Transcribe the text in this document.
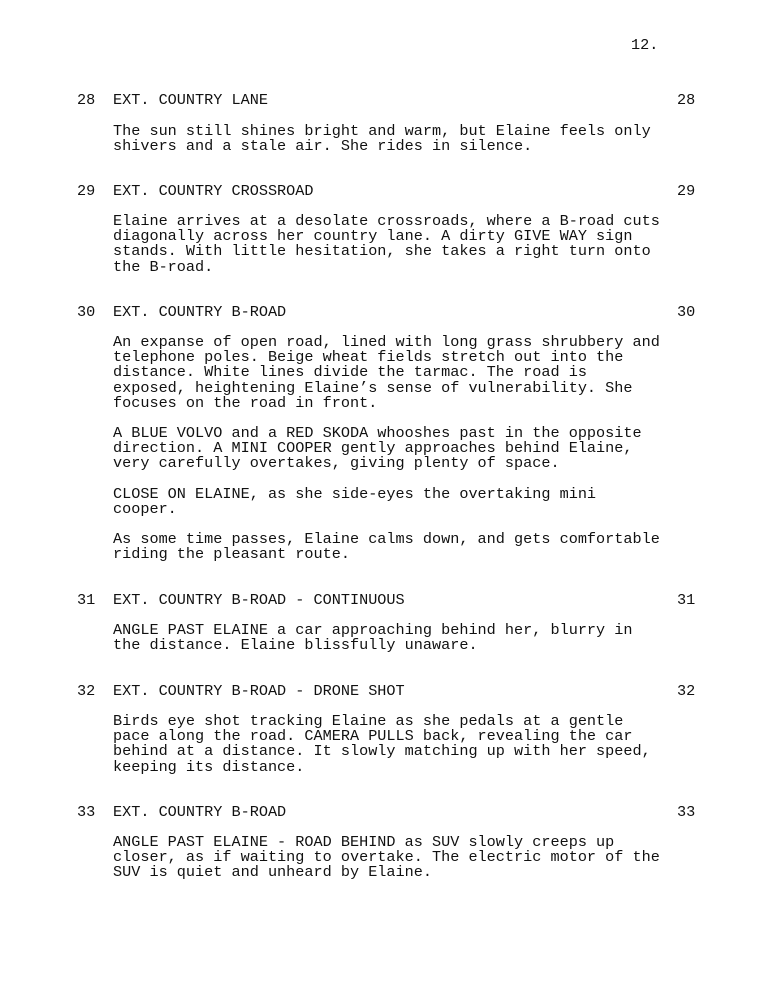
12.
28 EXT. COUNTRY LANE	28

The sun still shines bright and warm, but Elaine feels only
shivers and a stale air. She rides in silence.

29 EXT. COUNTRY CROSSROAD	29

Elaine arrives at a desolate crossroads, where a B-road cuts
diagonally across her country lane. A dirty GIVE WAY sign
stands. With little hesitation, she takes a right turn onto
the B-road.

30 EXT. COUNTRY B-ROAD	30

An expanse of open road, lined with long grass shrubbery and
telephone poles. Beige wheat fields stretch out into the
distance. White lines divide the tarmac. The road is
exposed, heightening Elaine’s sense of vulnerability. She
focuses on the road in front.

A BLUE VOLVO and a RED SKODA whooshes past in the opposite
direction. A MINI COOPER gently approaches behind Elaine,
very carefully overtakes, giving plenty of space.

CLOSE ON ELAINE, as she side-eyes the overtaking mini
cooper.

As some time passes, Elaine calms down, and gets comfortable
riding the pleasant route.

31 EXT. COUNTRY B-ROAD - CONTINUOUS	31

ANGLE PAST ELAINE a car approaching behind her, blurry in
the distance. Elaine blissfully unaware.

32 EXT. COUNTRY B-ROAD - DRONE SHOT	32

Birds eye shot tracking Elaine as she pedals at a gentle
pace along the road. CAMERA PULLS back, revealing the car
behind at a distance. It slowly matching up with her speed,
keeping its distance.

33 EXT. COUNTRY B-ROAD	33

ANGLE PAST ELAINE - ROAD BEHIND as SUV slowly creeps up
closer, as if waiting to overtake. The electric motor of the
SUV is quiet and unheard by Elaine.
